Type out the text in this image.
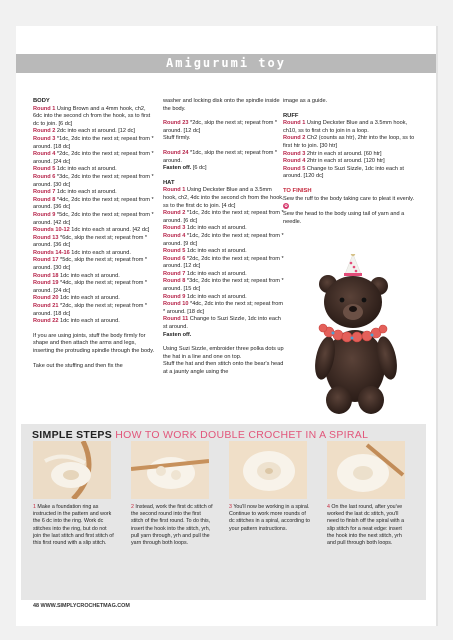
Amigurumi toy

BODY

Round 1 Using Brown and a 4mm hook, ch2, 6dc into the second ch from the hook, ss to first dc to join. [6 dc]

Round 2 2dc into each st around. [12 dc]

Round 3 *1dc, 2dc into the next st; repeat from * around. [18 dc]

Round 4 *2dc, 2dc into the next st; repeat from * around. [24 dc]

Round 5 1dc into each st around.

Round 6 *3dc, 2dc into the next st; repeat from * around. [30 dc]

Round 7 1dc into each st around.

Round 8 *4dc, 2dc into the next st; repeat from * around. [36 dc]

Round 9 *5dc, 2dc into the next st; repeat from * around. [42 dc]

Rounds 10-12 1dc into each st around. [42 dc]

Round 13 *6dc, skip the next st; repeat from * around. [36 dc]

Rounds 14-16 1dc into each st around.

Round 17 *5dc, skip the next st; repeat from * around. [30 dc]

Round 18 1dc into each st around.

Round 19 *4dc, skip the next st; repeat from * around. [24 dc]

Round 20 1dc into each st around.

Round 21 *2dc, skip the next st; repeat from * around. [18 dc]

Round 22 1dc into each st around.

If you are using joints, stuff the body firmly for shape and then attach the arms and legs, inserting the protruding spindle through the body.

Take out the stuffing and then fix the

washer and locking disk onto the spindle inside the body.

Round 23 *2dc, skip the next st; repeat from * around. [12 dc]

Stuff firmly.

Round 24 *1dc, skip the next st; repeat from * around.

Fasten off. [6 dc]

HAT

Round 1 Using Deckster Blue and a 3.5mm hook, ch2, 4dc into the second ch from the hook, ss to the first dc to join. [4 dc]

Round 2 *1dc, 2dc into the next st; repeat from * around. [6 dc]

Round 3 1dc into each st around.

Round 4 *1dc, 2dc into the next st; repeat from * around. [9 dc]

Round 5 1dc into each st around.

Round 6 *2dc, 2dc into the next st; repeat from * around. [12 dc]

Round 7 1dc into each st around.

Round 8 *3dc, 2dc into the next st; repeat from * around. [15 dc]

Round 9 1dc into each st around.

Round 10 *4dc, 2dc into the next st; repeat from * around. [18 dc]

Round 11 Change to Suzi Sizzle, 1dc into each st around.

Fasten off.

Using Suzi Sizzle, embroider three polka dots up the hat in a line and one on top.

Stuff the hat and then stitch onto the bear's head at a jaunty angle using the

image as a guide.

RUFF

Round 1 Using Deckster Blue and a 3.5mm hook, ch10, ss to first ch to join in a loop.

Round 2 Ch2 (counts as htr), 2htr into the loop, ss to first htr to join. [30 htr]

Round 3 2htr in each st around. [60 htr]

Round 4 2htr in each st around. [120 htr]

Round 5 Change to Suzi Sizzle, 1dc into each st around. [120 dc]

TO FINISH

Sew the ruff to the body taking care to pleat it evenly. ✿

Sew the head to the body using tail of yarn and a needle.

SIMPLE STEPS HOW TO WORK DOUBLE CROCHET IN A SPIRAL
1 Make a foundation ring as instructed in the pattern and work the 6 dc into the ring. Work dc stitches into the ring, but do not join the last stitch and first stitch of this first round with a slip stitch.
2 Instead, work the first dc stitch of the second round into the first stitch of the first round. To do this, insert the hook into the stitch, yrh, pull yarn through, yrh and pull the yarn through both loops.
3 You'll now be working in a spiral. Continue to work more rounds of dc stitches in a spiral, according to your pattern instructions.
4 On the last round, after you've worked the last dc stitch, you'll need to finish off the spiral with a slip stitch for a neat edge: insert the hook into the next stitch, yrh and pull through both loops.
48 WWW.SIMPLYCROCHETMAG.COM
